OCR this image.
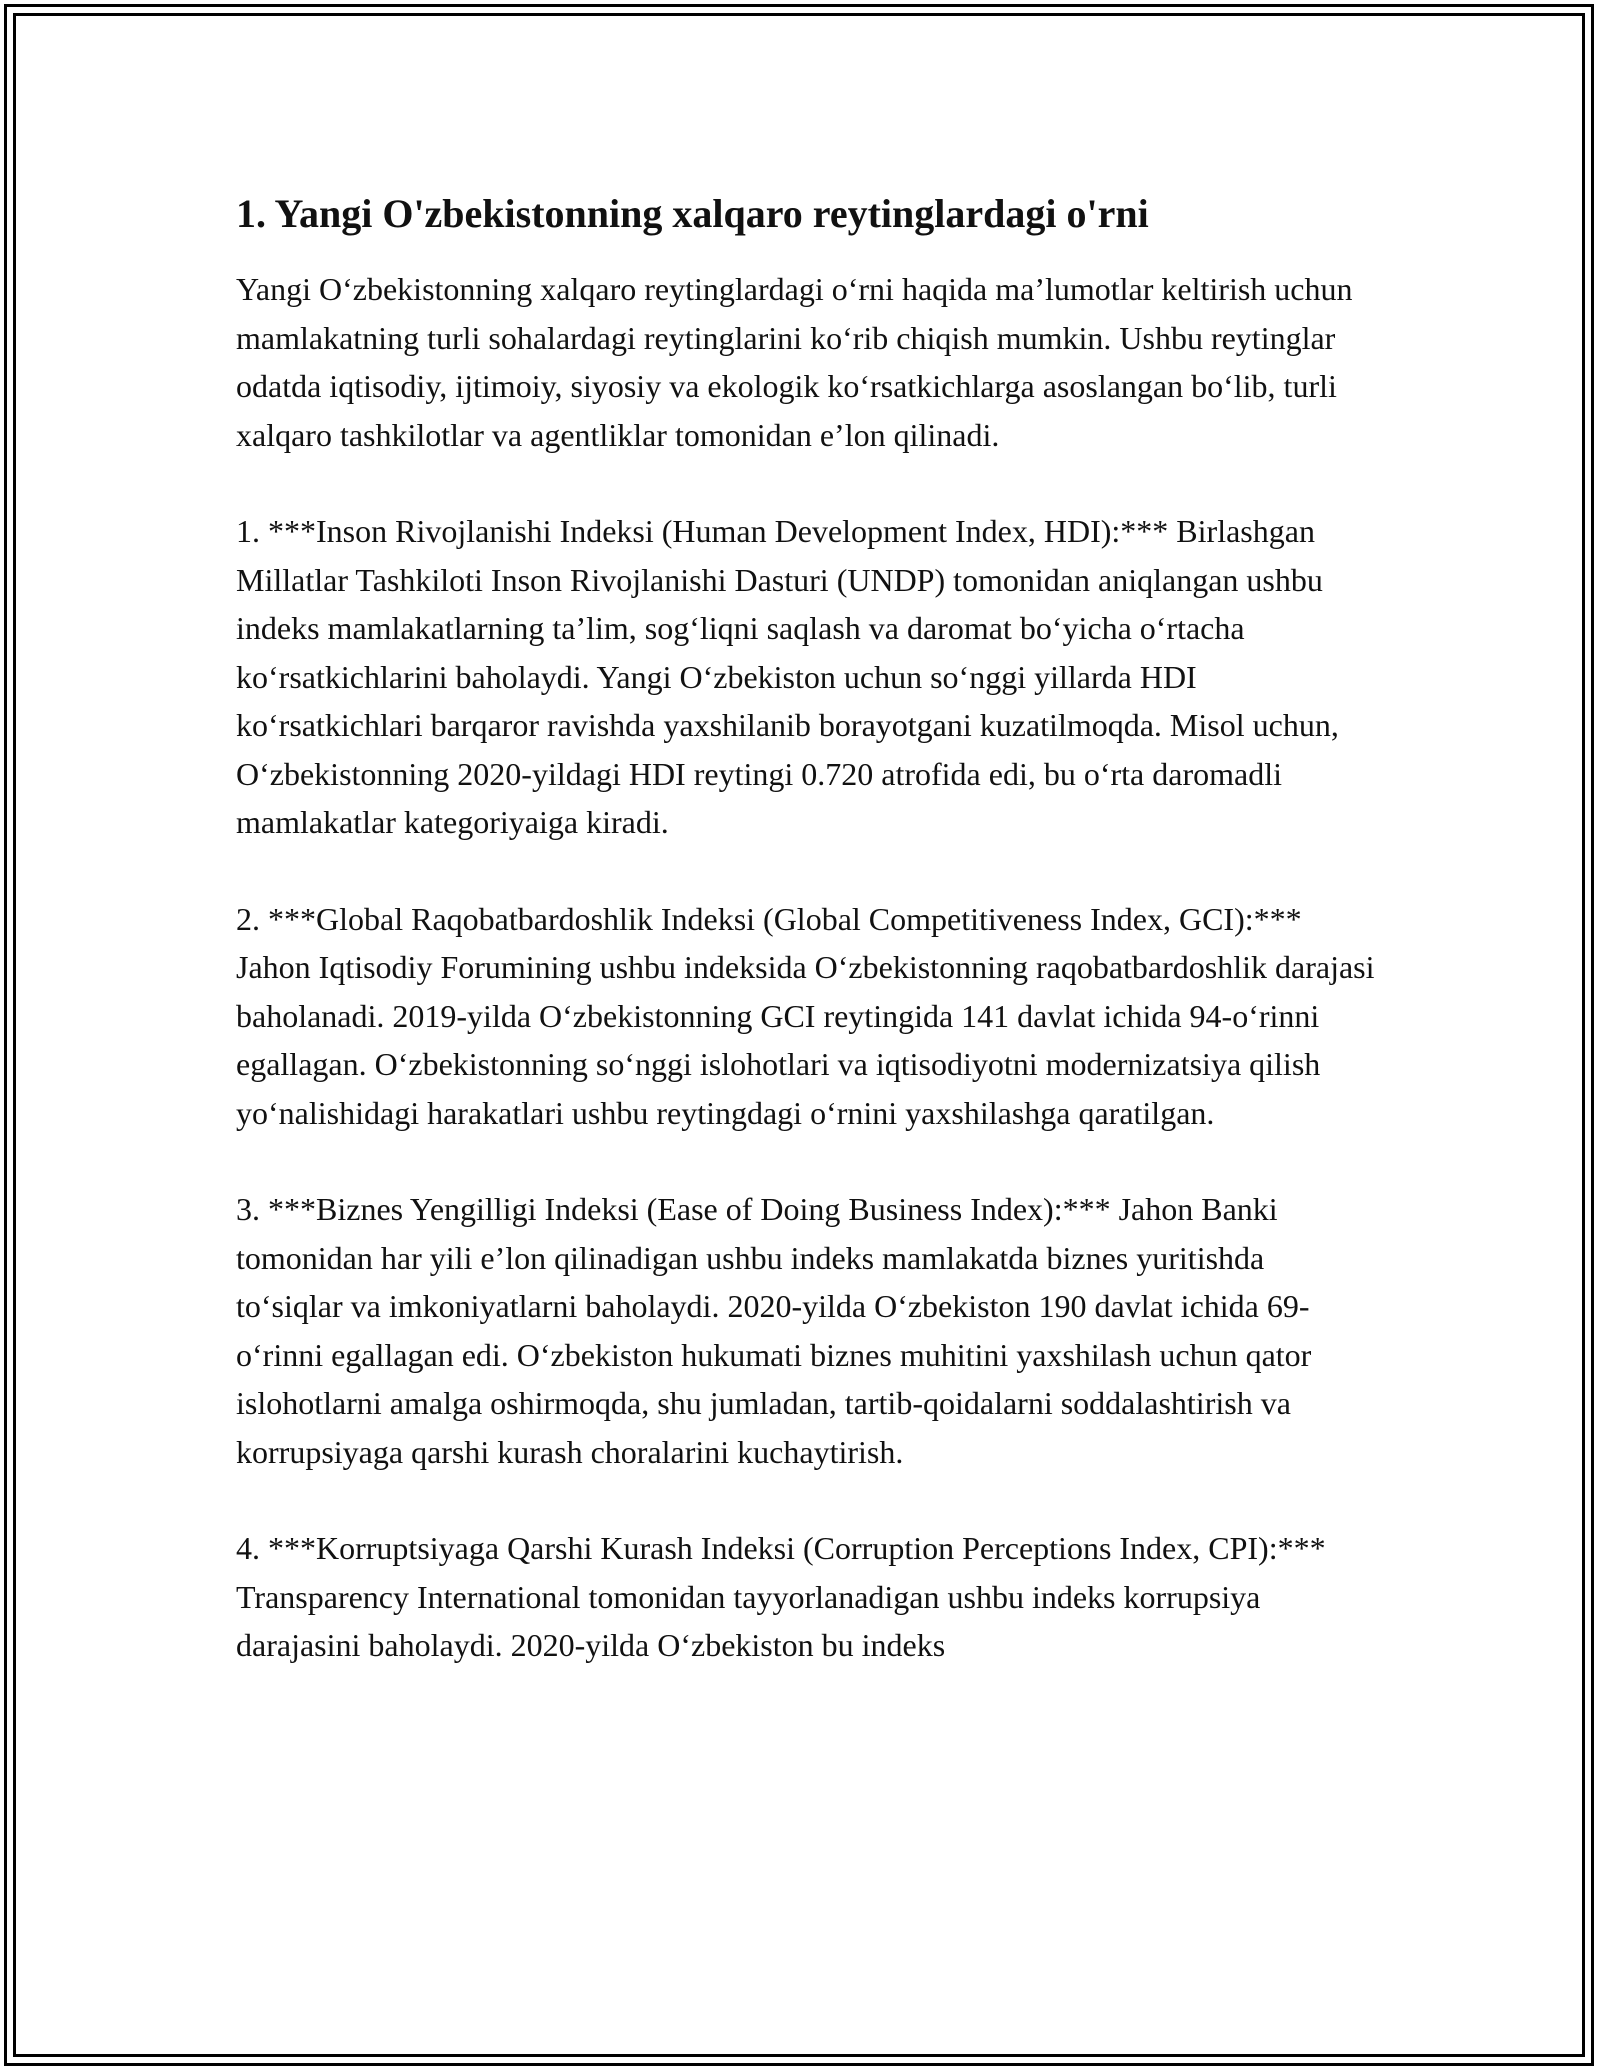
1. Yangi O'zbekistonning xalqaro reytinglardagi o'rni

Yangi O‘zbekistonning xalqaro reytinglardagi o‘rni haqida ma’lumotlar keltirish uchun mamlakatning turli sohalardagi reytinglarini ko‘rib chiqish mumkin. Ushbu reytinglar odatda iqtisodiy, ijtimoiy, siyosiy va ekologik ko‘rsatkichlarga asoslangan bo‘lib, turli xalqaro tashkilotlar va agentliklar tomonidan e’lon qilinadi.

1. ***Inson Rivojlanishi Indeksi (Human Development Index, HDI):*** Birlashgan Millatlar Tashkiloti Inson Rivojlanishi Dasturi (UNDP) tomonidan aniqlangan ushbu indeks mamlakatlarning ta’lim, sog‘liqni saqlash va daromat bo‘yicha o‘rtacha ko‘rsatkichlarini baholaydi. Yangi O‘zbekiston uchun so‘nggi yillarda HDI ko‘rsatkichlari barqaror ravishda yaxshilanib borayotgani kuzatilmoqda. Misol uchun, O‘zbekistonning 2020-yildagi HDI reytingi 0.720 atrofida edi, bu o‘rta daromadli mamlakatlar kategoriyaiga kiradi.

2. ***Global Raqobatbardoshlik Indeksi (Global Competitiveness Index, GCI):*** Jahon Iqtisodiy Forumining ushbu indeksida O‘zbekistonning raqobatbardoshlik darajasi baholanadi. 2019-yilda O‘zbekistonning GCI reytingida 141 davlat ichida 94-o‘rinni egallagan. O‘zbekistonning so‘nggi islohotlari va iqtisodiyotni modernizatsiya qilish yo‘nalishidagi harakatlari ushbu reytingdagi o‘rnini yaxshilashga qaratilgan.

3. ***Biznes Yengilligi Indeksi (Ease of Doing Business Index):*** Jahon Banki tomonidan har yili e’lon qilinadigan ushbu indeks mamlakatda biznes yuritishda to‘siqlar va imkoniyatlarni baholaydi. 2020-yilda O‘zbekiston 190 davlat ichida 69-o‘rinni egallagan edi. O‘zbekiston hukumati biznes muhitini yaxshilash uchun qator islohotlarni amalga oshirmoqda, shu jumladan, tartib-qoidalarni soddalashtirish va korrupsiyaga qarshi kurash choralarini kuchaytirish.

4. ***Korruptsiyaga Qarshi Kurash Indeksi (Corruption Perceptions Index, CPI):*** Transparency International tomonidan tayyorlanadigan ushbu indeks korrupsiya darajasini baholaydi. 2020-yilda O‘zbekiston bu indeks
